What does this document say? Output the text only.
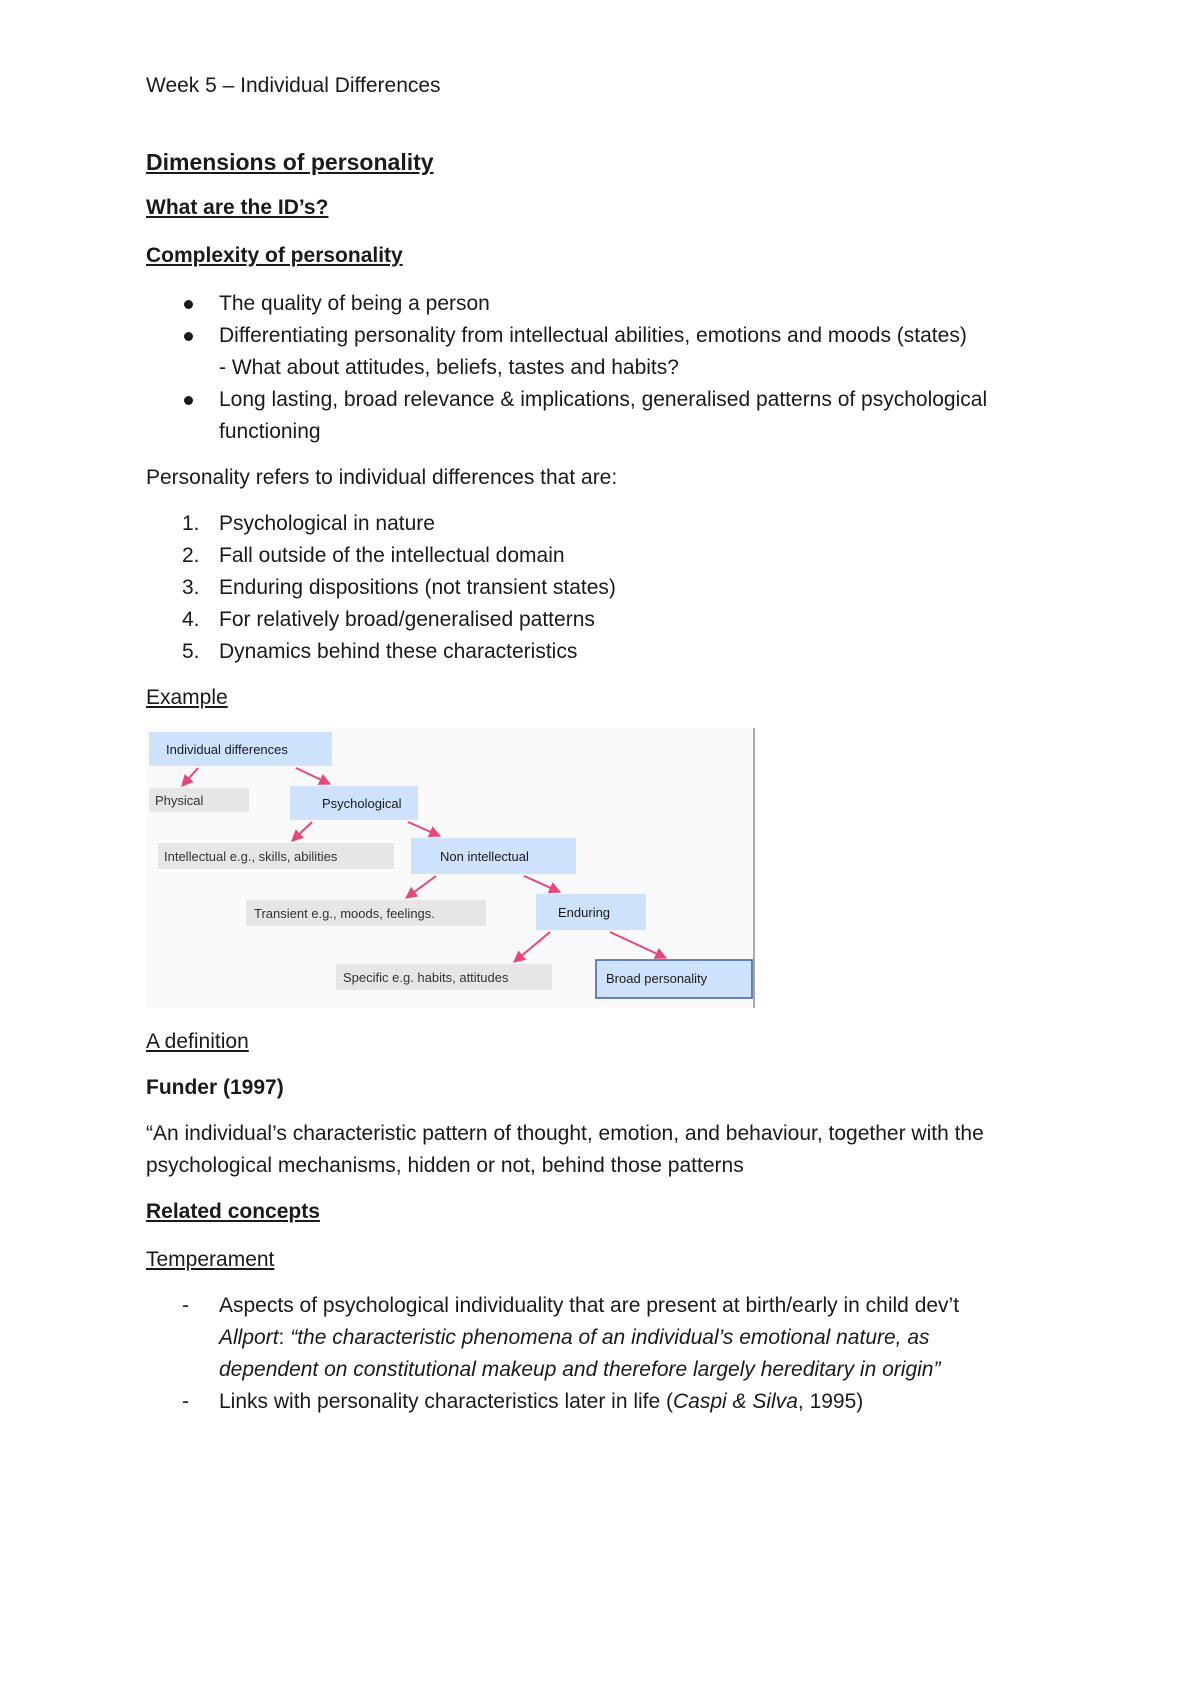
Week 5 – Individual Differences
Dimensions of personality
What are the ID’s?
Complexity of personality
The quality of being a person
Differentiating personality from intellectual abilities, emotions and moods (states)
- What about attitudes, beliefs, tastes and habits?
Long lasting, broad relevance & implications, generalised patterns of psychological
functioning

Personality refers to individual differences that are:

1. Psychological in nature
2. Fall outside of the intellectual domain
3. Enduring dispositions (not transient states)
4. For relatively broad/generalised patterns
5. Dynamics behind these characteristics
Example
Individual differences
Physical	Psychological
Intellectual e.g., skills, abilities	Non intellectual
Transient e.g., moods, feelings.	Enduring
Specific e.g. habits, attitudes	Broad personality
A definition
Funder (1997)

“An individual’s characteristic pattern of thought, emotion, and behaviour, together with the
psychological mechanisms, hidden or not, behind those patterns

Related concepts
Temperament
- Aspects of psychological individuality that are present at birth/early in child dev’t
Allport: “the characteristic phenomena of an individual’s emotional nature, as
dependent on constitutional makeup and therefore largely hereditary in origin”
- Links with personality characteristics later in life (Caspi & Silva, 1995)
